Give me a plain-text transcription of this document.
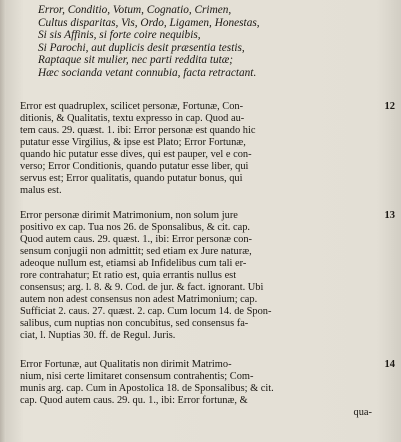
Error, Conditio, Votum, Cognatio, Crimen,
Cultus disparitas, Vis, Ordo, Ligamen, Honestas,
Si sis Affinis, si forte coire nequibis,
Si Parochi, aut duplicis desit præsentia testis,
Raptaque sit mulier, nec parti reddita tutæ;
Hæc socianda vetant connubia, facta retractant.
Error est quadruplex, scilicet personæ, Fortunæ, Con-
ditionis, & Qualitatis, textu expresso in cap. Quod au-
tem caus. 29. quæst. 1. ibi: Error personæ est quando hic
putatur esse Virgilius, & ipse est Plato; Error Fortunæ,
quando hic putatur esse dives, qui est pauper, vel e con-
verso; Error Conditionis, quando putatur esse liber, qui
servus est; Error qualitatis, quando putatur bonus, qui
malus est.
12
Error personæ dirimit Matrimonium, non solum jure
positivo ex cap. Tua nos 26. de Sponsalibus, & cit. cap.
Quod autem caus. 29. quæst. 1., ibi: Error personæ con-
sensum conjugii non admittit; sed etiam ex Jure naturæ,
adeoque nullum est, etiamsi ab Infidelibus cum tali er-
rore contrahatur; Et ratio est, quia errantis nullus est
consensus; arg. l. 8. & 9. Cod. de jur. & fact. ignorant. Ubi
autem non adest consensus non adest Matrimonium; cap.
Sufficiat 2. caus. 27. quæst. 2. cap. Cum locum 14. de Spon-
salibus, cum nuptias non concubitus, sed consensus fa-
ciat, l. Nuptias 30. ff. de Regul. Juris.
13
Error Fortunæ, aut Qualitatis non dirimit Matrimo-
nium, nisi certe limitaret consensum contrahentis; Com-
munis arg. cap. Cum in Apostolica 18. de Sponsalibus; & cit.
cap. Quod autem caus. 29. qu. 1., ibi: Error fortunæ, &
qua-
14
